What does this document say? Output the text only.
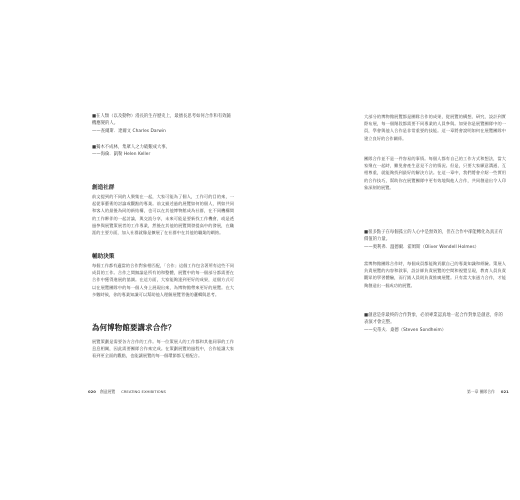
■在人類（以及動物）漫長的生存歷史上，最擅長思考如何合作和有效隨機應變的人。
——查爾斯．達爾文 Charles Darwin
■獨木不成林，集眾人之力破艱成大事。
——海倫．凱勒 Helen Keller
創造社群

前文提到的不同的人聚集在一起，大家可能為了個人，工作可的目的來，一起從事藝術的討論或觀點的專業。前文描述過的展覽如何的個人，例如共同和客人的最後為同的新結構，也可以在其他博物館成為社群，在不同機構間的工作夥伴的一起討論，與交流分享，未來可能是要新找工作機會，或是透過參與展覽策展者的工作專業，然後在其他的展覽開發提高中的發展，在職涯的主要方面，加入社群就像是擴展了在社群中在其他的職業的網絡。

輔助決策

每個工作都有適當的合作對象相匹配，「合作」這個工作包含著所有這些不同成員的工作。合作之間無論是所有的和整體，展覽中的每一個部分都需要在合作中獲得進展的協調。在這方面，大家能夠達到更好的成果，這個方式可以在展覽團隊中的每一個人身上展現出來，為博物館帶來更好的展覽。在大多數時候，你的專業知識可以幫助他人理解展覽背後的邏輯與思考。

為何博物館要講求合作？

展覽策劃是需要各方合作的工作。每一位策展人的工作都和其他同事的工作息息相關，因此需要團隊合作來完成。在策劃展覽的過程中，合作能讓大家看到更全面的觀點，也能讓展覽的每一個環節都互相配合。

020 創造展覽 CREATING EXHIBITIONS

大部分的博物館展覽都是團隊合作的成果，從展覽的構想、研究、設計到實際布展，每一個階段都需要不同專業的人員參與。如果你是展覽團隊中的一員，學會與他人合作是非常重要的技能。這一章將會說明如何在展覽團隊中建立良好的合作關係。

團隊合作並不是一件容易的事情。每個人都有自己的工作方式和想法，當大家聚在一起時，難免會產生意見不合的情況。但是，只要大家願意溝通、互相尊重，就能夠找到最好的解決方法。在這一章中，我們將會介紹一些實用的合作技巧，幫助你在展覽團隊中更有效地與他人合作，共同創造出令人印象深刻的展覽。

■很多點子在每個孤立的人心中是無效的，但在合作中卻能轉化為真正有價值的力量。
——奧利弗．溫德爾．霍姆斯（Oliver Wendell Holmes）

當博物館團隊合作時，每個成員都能夠貢獻自己的專業知識和經驗。策展人負責展覽的內容和敘事，設計師負責展覽的空間和視覺呈現，教育人員負責觀眾的學習體驗，而行銷人員則負責推廣展覽。只有當大家通力合作，才能夠創造出一個成功的展覽。

■創意是你最終的合作對象，必須專業認真地一起合作對象是創意，你的表演才會完整。
——史蒂夫．桑德（Steven Sondheim）
第一章 團隊合作 021
